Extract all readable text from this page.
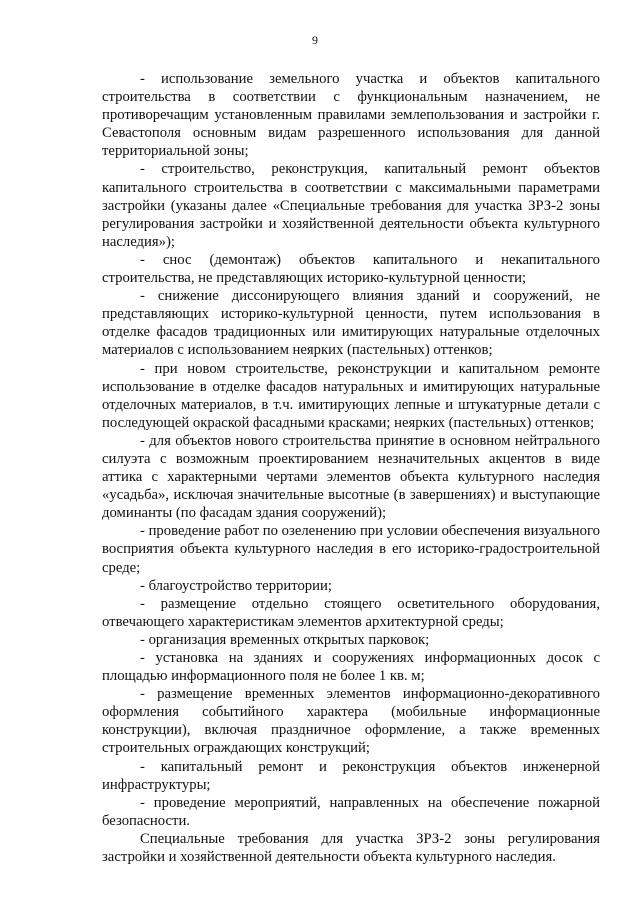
9

- использование земельного участка и объектов капитального строительства в соответствии с функциональным назначением, не противоречащим установленным правилами землепользования и застройки г. Севастополя основным видам разрешенного использования для данной территориальной зоны;

- строительство, реконструкция, капитальный ремонт объектов капитального строительства в соответствии с максимальными параметрами застройки (указаны далее «Специальные требования для участка ЗРЗ-2 зоны регулирования застройки и хозяйственной деятельности объекта культурного наследия»);

- снос (демонтаж) объектов капитального и некапитального строительства, не представляющих историко-культурной ценности;

- снижение диссонирующего влияния зданий и сооружений, не представляющих историко-культурной ценности, путем использования в отделке фасадов традиционных или имитирующих натуральные отделочных материалов с использованием неярких (пастельных) оттенков;

- при новом строительстве, реконструкции и капитальном ремонте использование в отделке фасадов натуральных и имитирующих натуральные отделочных материалов, в т.ч. имитирующих лепные и штукатурные детали с последующей окраской фасадными красками; неярких (пастельных) оттенков;

- для объектов нового строительства принятие в основном нейтрального силуэта с возможным проектированием незначительных акцентов в виде аттика с характерными чертами элементов объекта культурного наследия «усадьба», исключая значительные высотные (в завершениях) и выступающие доминанты (по фасадам здания сооружений);

- проведение работ по озеленению при условии обеспечения визуального восприятия объекта культурного наследия в его историко-градостроительной среде;

- благоустройство территории;

- размещение отдельно стоящего осветительного оборудования, отвечающего характеристикам элементов архитектурной среды;

- организация временных открытых парковок;

- установка на зданиях и сооружениях информационных досок с площадью информационного поля не более 1 кв. м;

- размещение временных элементов информационно-декоративного оформления событийного характера (мобильные информационные конструкции), включая праздничное оформление, а также временных строительных ограждающих конструкций;

- капитальный ремонт и реконструкция объектов инженерной инфраструктуры;

- проведение мероприятий, направленных на обеспечение пожарной безопасности.

Специальные требования для участка ЗРЗ-2 зоны регулирования застройки и хозяйственной деятельности объекта культурного наследия.
